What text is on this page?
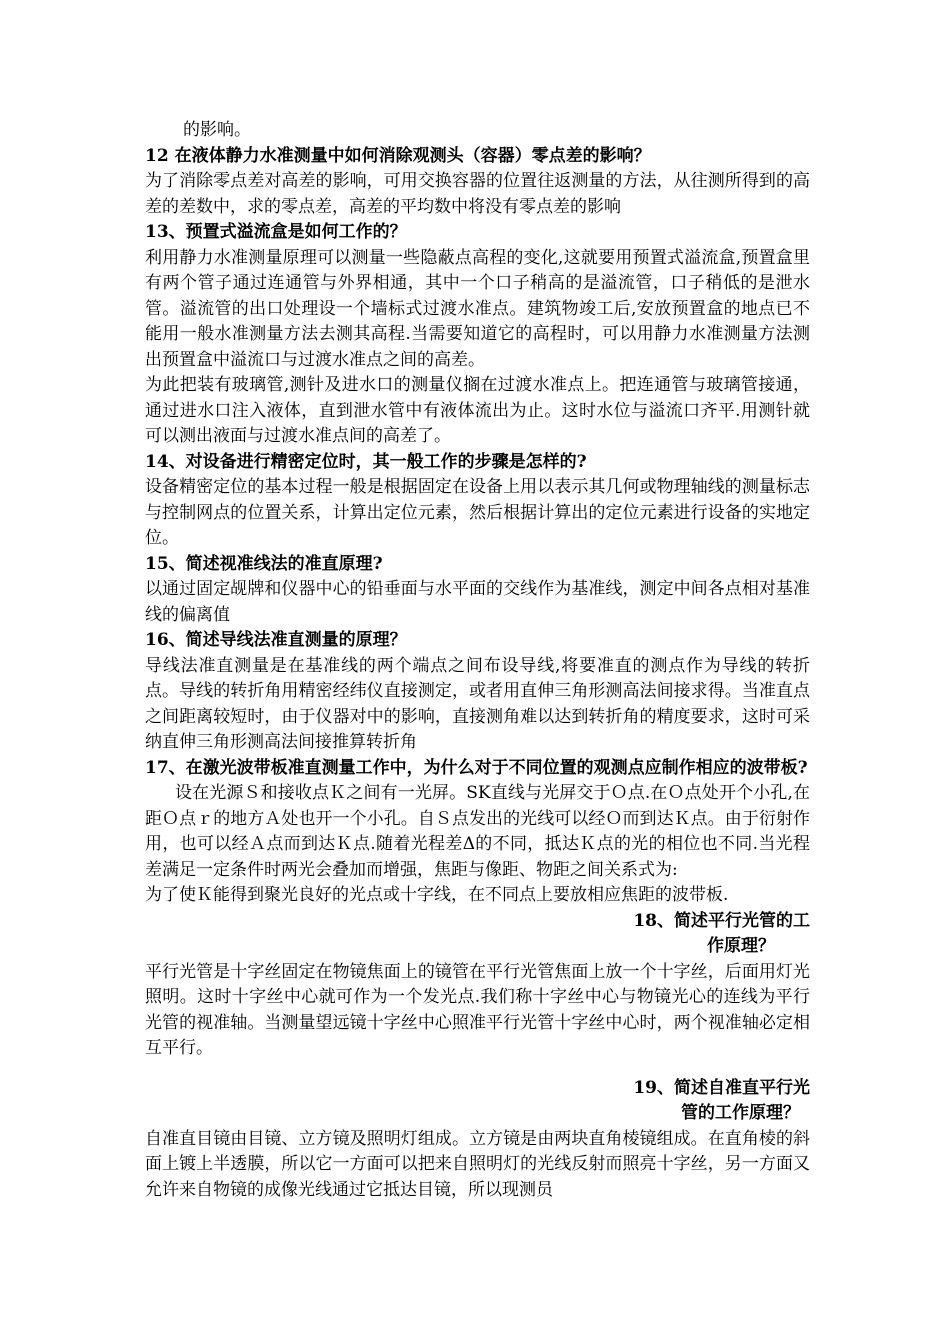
的影响。

12 在液体静力水准测量中如何消除观测头（容器）零点差的影响？

为了消除零点差对高差的影响，可用交换容器的位置往返测量的方法，从往测所得到的高差的差数中，求的零点差，高差的平均数中将没有零点差的影响

13、预置式溢流盒是如何工作的？

利用静力水准测量原理可以测量一些隐蔽点高程的变化,这就要用预置式溢流盒,预置盒里有两个管子通过连通管与外界相通，其中一个口子稍高的是溢流管，口子稍低的是泄水管。溢流管的出口处理设一个墙标式过渡水准点。建筑物竣工后,安放预置盒的地点已不能用一般水准测量方法去测其高程.当需要知道它的高程时，可以用静力水准测量方法测出预置盒中溢流口与过渡水准点之间的高差。

为此把装有玻璃管,测针及进水口的测量仪搁在过渡水准点上。把连通管与玻璃管接通，通过进水口注入液体，直到泄水管中有液体流出为止。这时水位与溢流口齐平.用测针就可以测出液面与过渡水准点间的高差了。

14、对设备进行精密定位时，其一般工作的步骤是怎样的?

设备精密定位的基本过程一般是根据固定在设备上用以表示其几何或物理轴线的测量标志与控制网点的位置关系，计算出定位元素，然后根据计算出的定位元素进行设备的实地定位。

15、简述视准线法的准直原理?

以通过固定觇牌和仪器中心的铅垂面与水平面的交线作为基准线，测定中间各点相对基准线的偏离值

16、简述导线法准直测量的原理？

导线法准直测量是在基准线的两个端点之间布设导线,将要准直的测点作为导线的转折点。导线的转折角用精密经纬仪直接测定，或者用直伸三角形测高法间接求得。当准直点之间距离较短时，由于仪器对中的影响，直接测角难以达到转折角的精度要求，这时可采纳直伸三角形测高法间接推算转折角

17、在激光波带板准直测量工作中，为什么对于不同位置的观测点应制作相应的波带板?

设在光源Ｓ和接收点Ｋ之间有一光屏。SK直线与光屏交于Ｏ点.在Ｏ点处开个小孔,在距Ｏ点ｒ的地方Ａ处也开一个小孔。自Ｓ点发出的光线可以经Ｏ而到达Ｋ点。由于衍射作用，也可以经Ａ点而到达Ｋ点.随着光程差Δ的不同，抵达Ｋ点的光的相位也不同.当光程差满足一定条件时两光会叠加而增强，焦距与像距、物距之间关系式为:

为了使Ｋ能得到聚光良好的光点或十字线，在不同点上要放相应焦距的波带板.

18、简述平行光管的工
作原理？

平行光管是十字丝固定在物镜焦面上的镜管在平行光管焦面上放一个十字丝，后面用灯光照明。这时十字丝中心就可作为一个发光点.我们称十字丝中心与物镜光心的连线为平行光管的视准轴。当测量望远镜十字丝中心照准平行光管十字丝中心时，两个视准轴必定相互平行。

19、简述自准直平行光
管的工作原理？

自准直目镜由目镜、立方镜及照明灯组成。立方镜是由两块直角棱镜组成。在直角棱的斜面上镀上半透膜，所以它一方面可以把来自照明灯的光线反射而照亮十字丝，另一方面又允许来自物镜的成像光线通过它抵达目镜，所以现测员
